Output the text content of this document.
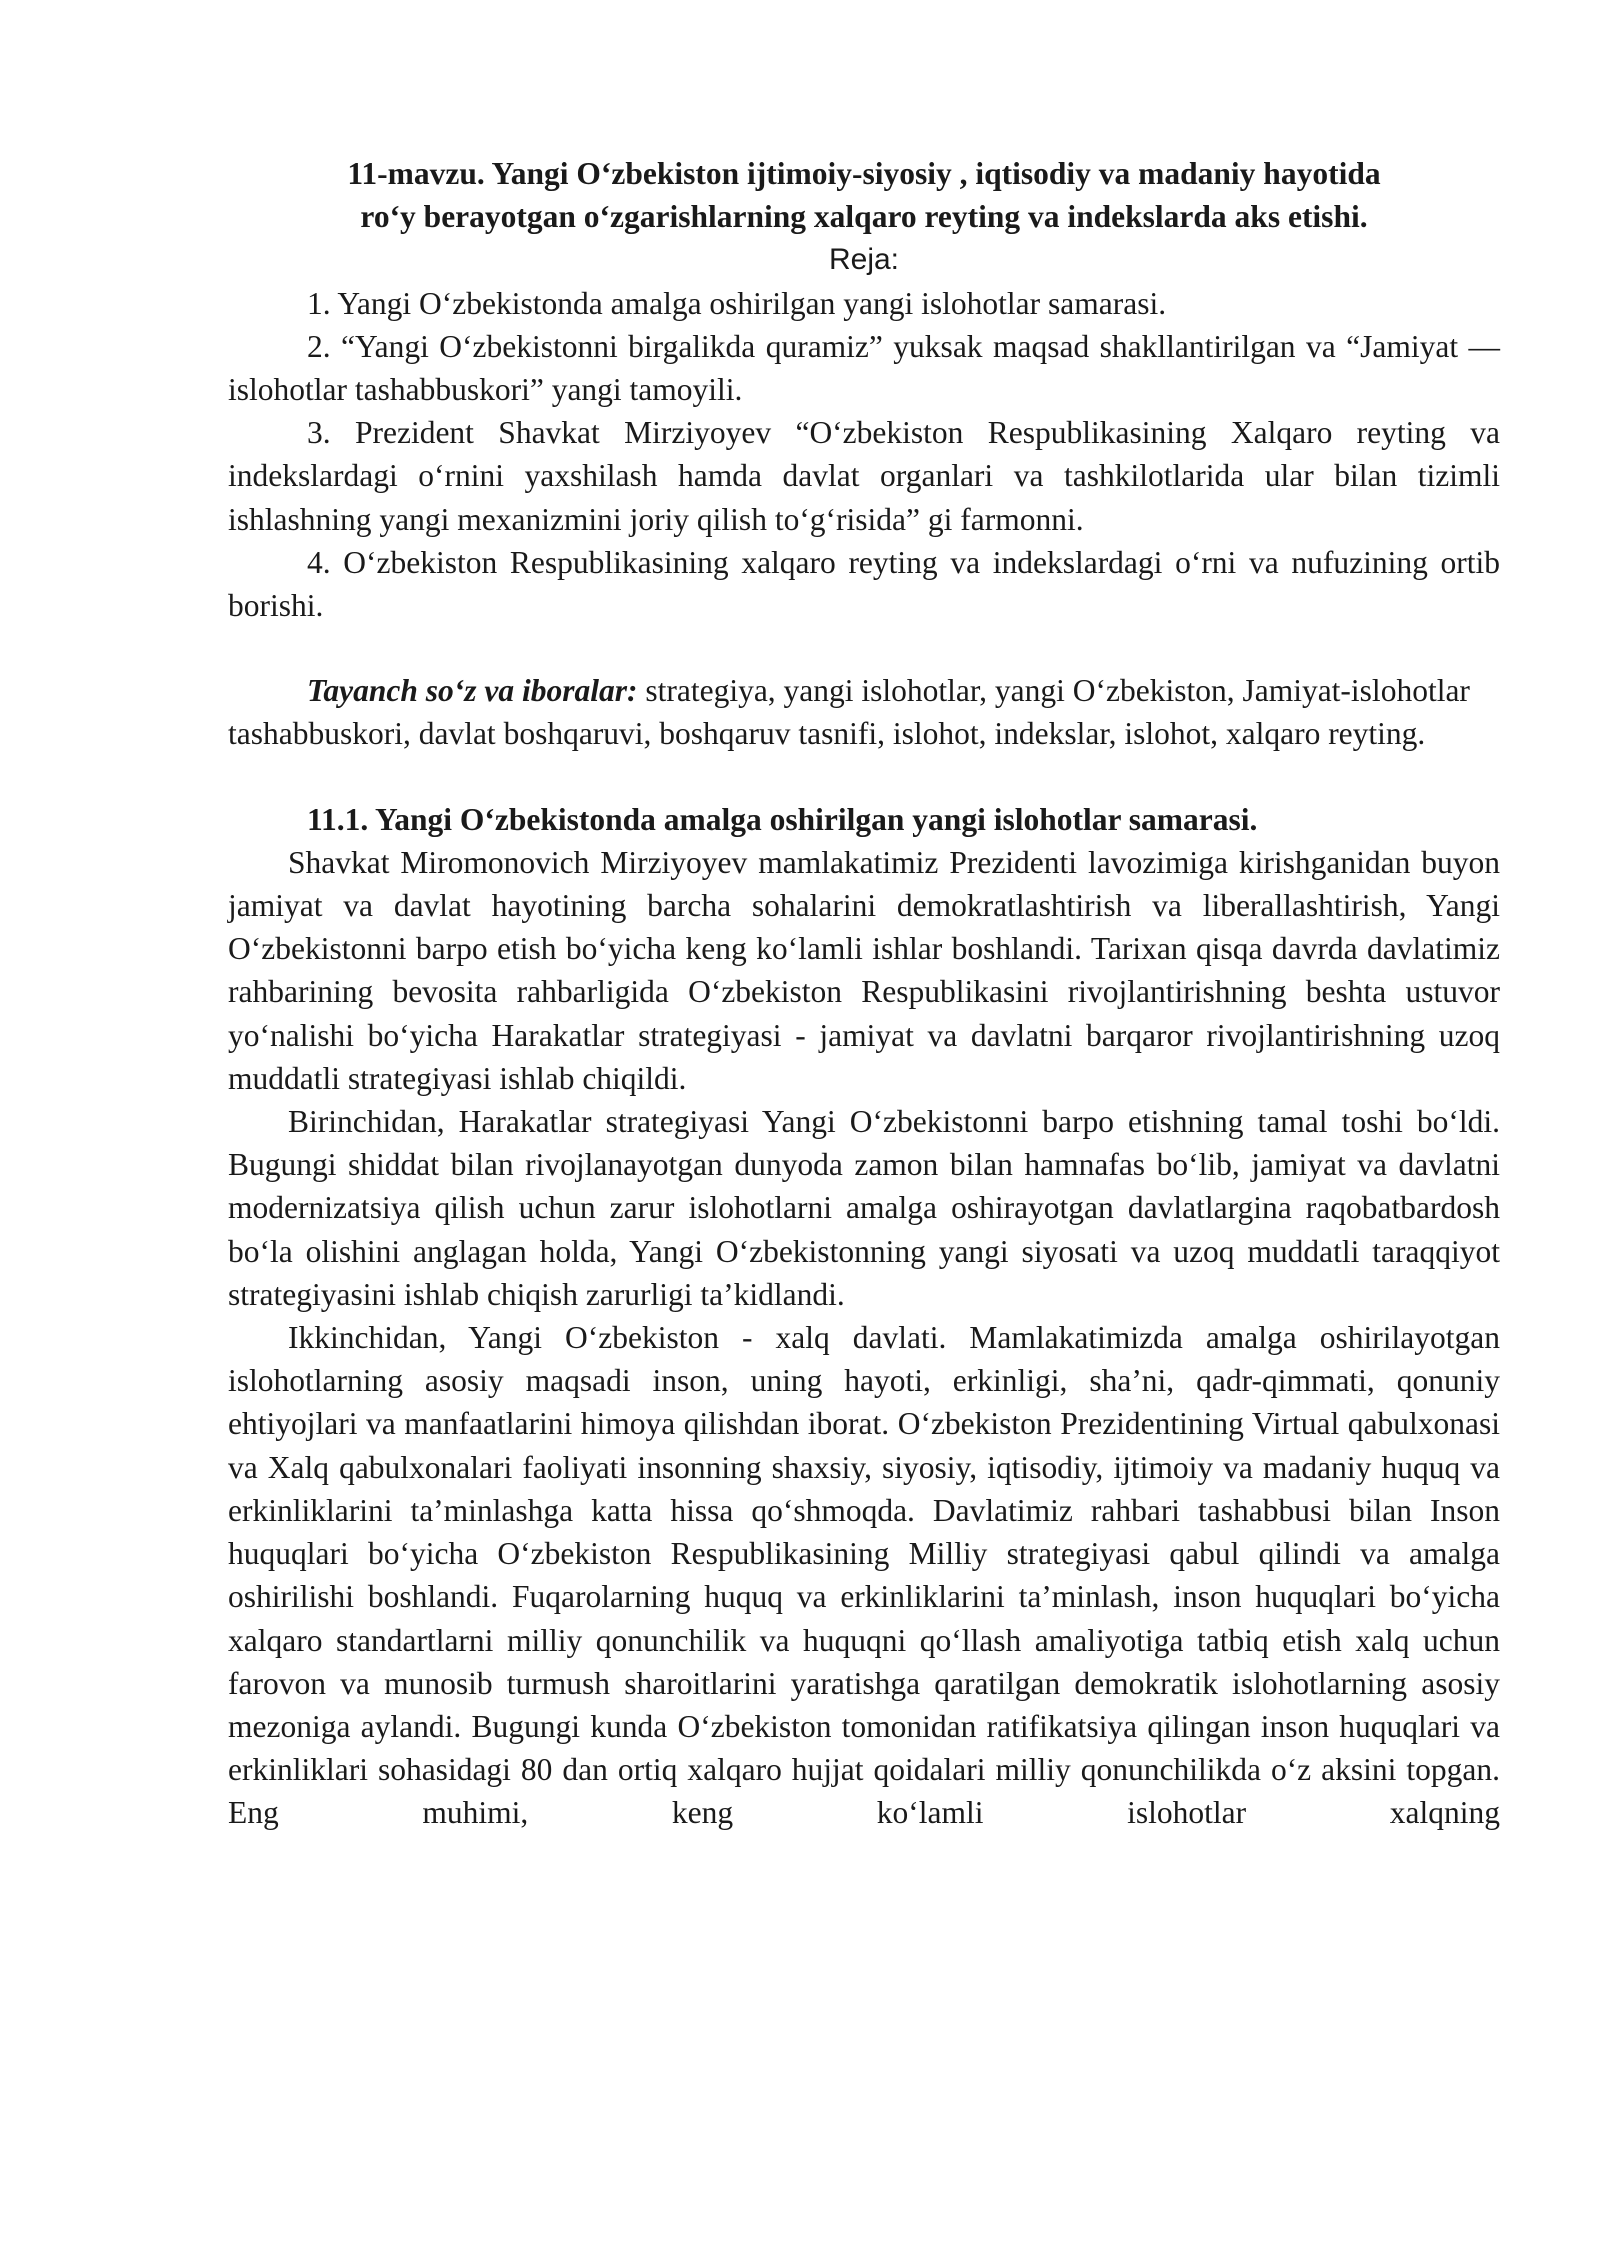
11-mavzu. Yangi O‘zbekiston ijtimoiy-siyosiy , iqtisodiy va madaniy hayotida
ro‘y berayotgan o‘zgarishlarning xalqaro reyting va indekslarda aks etishi.

Reja:

1. Yangi O‘zbekistonda amalga oshirilgan yangi islohotlar samarasi.

2. “Yangi O‘zbekistonni birgalikda quramiz” yuksak maqsad shakllantirilgan va “Jamiyat — islohotlar tashabbuskori” yangi tamoyili.

3. Prezident Shavkat Mirziyoyev “O‘zbekiston Respublikasining Xalqaro reyting va indekslardagi o‘rnini yaxshilash hamda davlat organlari va tashkilotlarida ular bilan tizimli ishlashning yangi mexanizmini joriy qilish to‘g‘risida” gi farmonni.

4. O‘zbekiston Respublikasining xalqaro reyting va indekslardagi o‘rni va nufuzining ortib borishi.

Tayanch so‘z va iboralar: strategiya, yangi islohotlar, yangi O‘zbekiston, Jamiyat-islohotlar tashabbuskori, davlat boshqaruvi, boshqaruv tasnifi, islohot, indekslar, islohot, xalqaro reyting.

11.1. Yangi O‘zbekistonda amalga oshirilgan yangi islohotlar samarasi.

Shavkat Miromonovich Mirziyoyev mamlakatimiz Prezidenti lavozimiga kirishganidan buyon jamiyat va davlat hayotining barcha sohalarini demokratlashtirish va liberallashtirish, Yangi O‘zbekistonni barpo etish bo‘yicha keng ko‘lamli ishlar boshlandi. Tarixan qisqa davrda davlatimiz rahbarining bevosita rahbarligida O‘zbekiston Respublikasini rivojlantirishning beshta ustuvor yo‘nalishi bo‘yicha Harakatlar strategiyasi - jamiyat va davlatni barqaror rivojlantirishning uzoq muddatli strategiyasi ishlab chiqildi.

Birinchidan, Harakatlar strategiyasi Yangi O‘zbekistonni barpo etishning tamal toshi bo‘ldi. Bugungi shiddat bilan rivojlanayotgan dunyoda zamon bilan hamnafas bo‘lib, jamiyat va davlatni modernizatsiya qilish uchun zarur islohotlarni amalga oshirayotgan davlatlargina raqobatbardosh bo‘la olishini anglagan holda, Yangi O‘zbekistonning yangi siyosati va uzoq muddatli taraqqiyot strategiyasini ishlab chiqish zarurligi ta’kidlandi.

Ikkinchidan, Yangi O‘zbekiston - xalq davlati. Mamlakatimizda amalga oshirilayotgan islohotlarning asosiy maqsadi inson, uning hayoti, erkinligi, sha’ni, qadr-qimmati, qonuniy ehtiyojlari va manfaatlarini himoya qilishdan iborat. O‘zbekiston Prezidentining Virtual qabulxonasi va Xalq qabulxonalari faoliyati insonning shaxsiy, siyosiy, iqtisodiy, ijtimoiy va madaniy huquq va erkinliklarini ta’minlashga katta hissa qo‘shmoqda. Davlatimiz rahbari tashabbusi bilan Inson huquqlari bo‘yicha O‘zbekiston Respublikasining Milliy strategiyasi qabul qilindi va amalga oshirilishi boshlandi. Fuqarolarning huquq va erkinliklarini ta’minlash, inson huquqlari bo‘yicha xalqaro standartlarni milliy qonunchilik va huquqni qo‘llash amaliyotiga tatbiq etish xalq uchun farovon va munosib turmush sharoitlarini yaratishga qaratilgan demokratik islohotlarning asosiy mezoniga aylandi. Bugungi kunda O‘zbekiston tomonidan ratifikatsiya qilingan inson huquqlari va erkinliklari sohasidagi 80 dan ortiq xalqaro hujjat qoidalari milliy qonunchilikda o‘z aksini topgan. Eng muhimi, keng ko‘lamli islohotlar xalqning
